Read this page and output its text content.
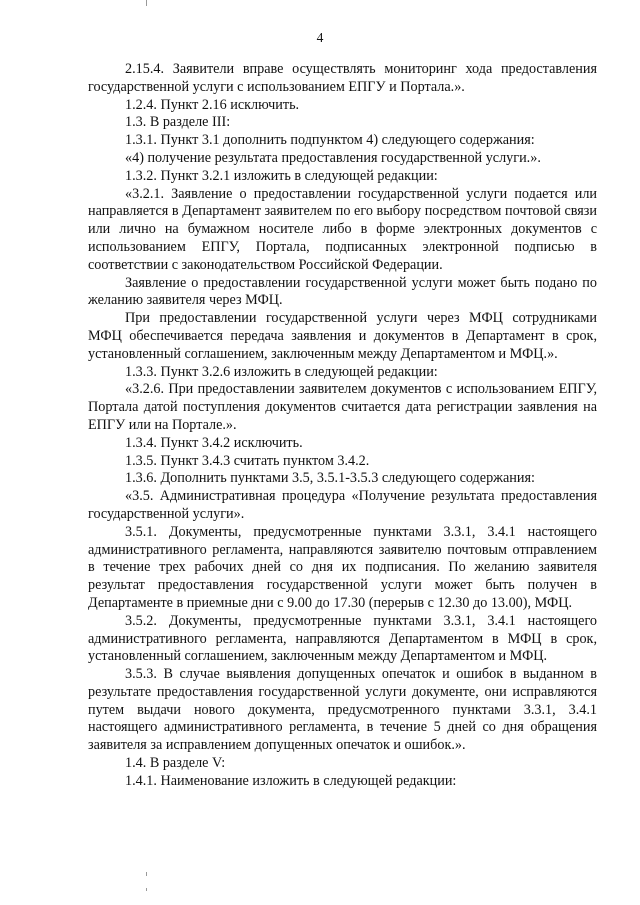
4

2.15.4. Заявители вправе осуществлять мониторинг хода предоставления государственной услуги с использованием ЕПГУ и Портала.».

1.2.4. Пункт 2.16 исключить.

1.3. В разделе III:

1.3.1. Пункт 3.1 дополнить подпунктом 4) следующего содержания:

«4) получение результата предоставления государственной услуги.».

1.3.2. Пункт 3.2.1 изложить в следующей редакции:

«3.2.1. Заявление о предоставлении государственной услуги подается или направляется в Департамент заявителем по его выбору посредством почтовой связи или лично на бумажном носителе либо в форме электронных документов с использованием ЕПГУ, Портала, подписанных электронной подписью в соответствии с законодательством Российской Федерации.

Заявление о предоставлении государственной услуги может быть подано по желанию заявителя через МФЦ.

При предоставлении государственной услуги через МФЦ сотрудниками МФЦ обеспечивается передача заявления и документов в Департамент в срок, установленный соглашением, заключенным между Департаментом и МФЦ.».

1.3.3. Пункт 3.2.6 изложить в следующей редакции:

«3.2.6. При предоставлении заявителем документов с использованием ЕПГУ, Портала датой поступления документов считается дата регистрации заявления на ЕПГУ или на Портале.».

1.3.4. Пункт 3.4.2 исключить.

1.3.5. Пункт 3.4.3 считать пунктом 3.4.2.

1.3.6. Дополнить пунктами 3.5, 3.5.1-3.5.3 следующего содержания:

«3.5. Административная процедура «Получение результата предоставления государственной услуги».

3.5.1. Документы, предусмотренные пунктами 3.3.1, 3.4.1 настоящего административного регламента, направляются заявителю почтовым отправлением в течение трех рабочих дней со дня их подписания. По желанию заявителя результат предоставления государственной услуги может быть получен в Департаменте в приемные дни с 9.00 до 17.30 (перерыв с 12.30 до 13.00), МФЦ.

3.5.2. Документы, предусмотренные пунктами 3.3.1, 3.4.1 настоящего административного регламента, направляются Департаментом в МФЦ в срок, установленный соглашением, заключенным между Департаментом и МФЦ.

3.5.3. В случае выявления допущенных опечаток и ошибок в выданном в результате предоставления государственной услуги документе, они исправляются путем выдачи нового документа, предусмотренного пунктами 3.3.1, 3.4.1 настоящего административного регламента, в течение 5 дней со дня обращения заявителя за исправлением допущенных опечаток и ошибок.».

1.4. В разделе V:

1.4.1. Наименование изложить в следующей редакции:
